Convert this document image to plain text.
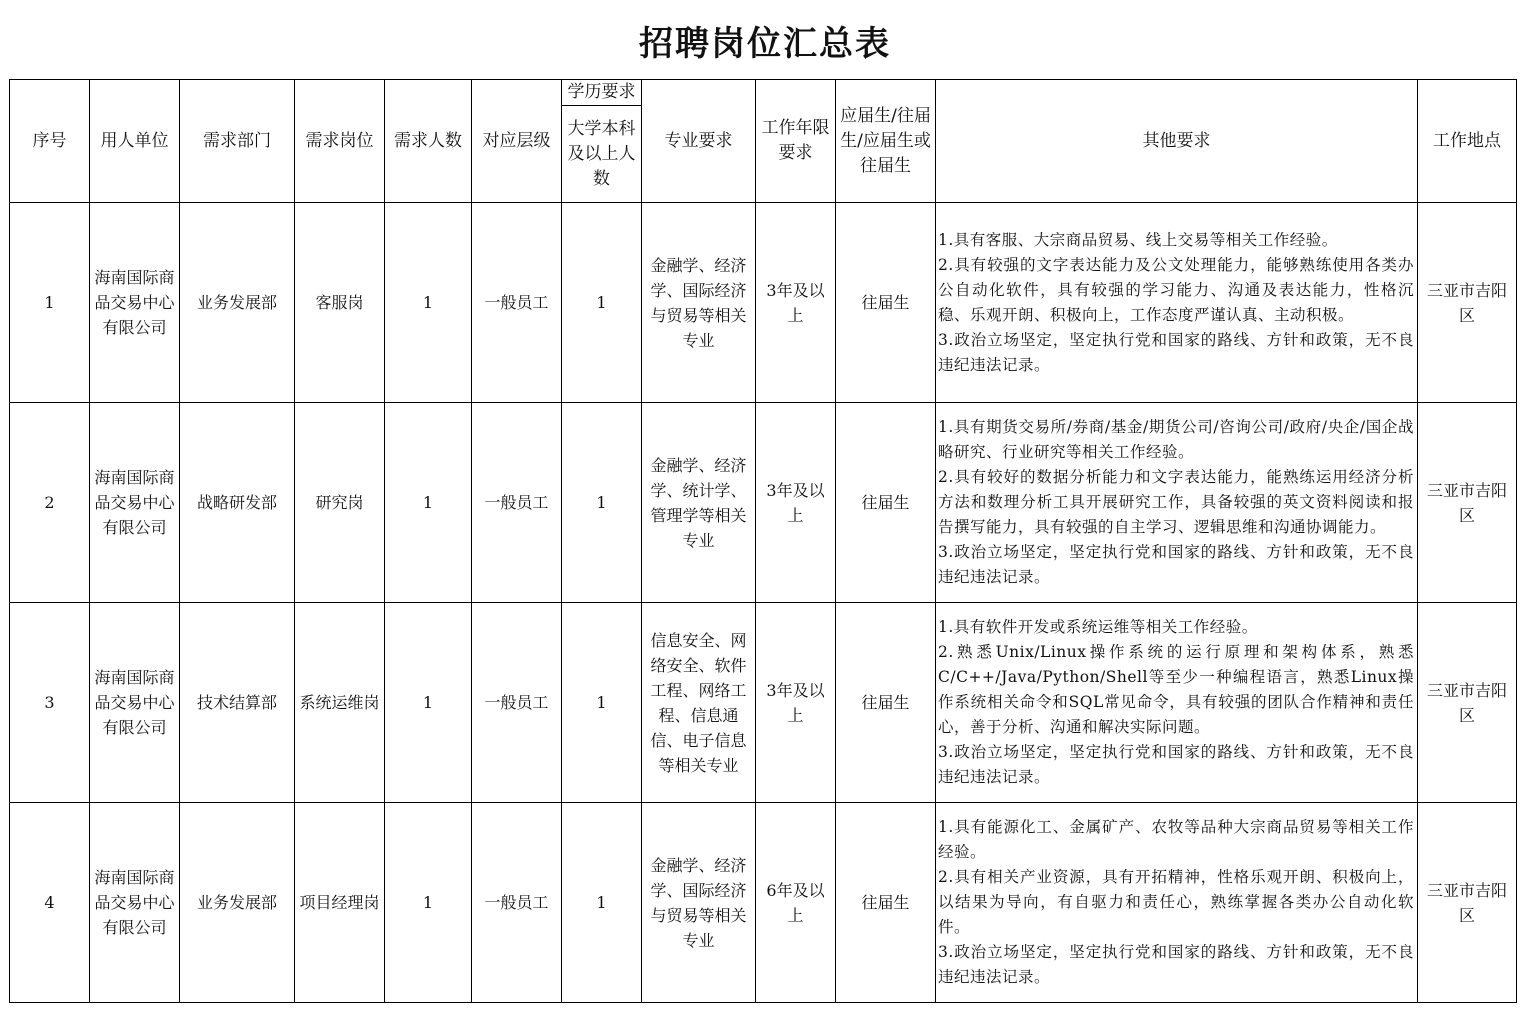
招聘岗位汇总表
序号	用人单位	需求部门	需求岗位	需求人数	对应层级	学历要求	专业要求	工作年限要求	应届生/往届生/应届生或往届生	其他要求	工作地点
						大学本科及以上人数					
1	海南国际商品交易中心有限公司	业务发展部	客服岗	1	一般员工	1	金融学、经济学、国际经济与贸易等相关专业	3年及以上	往届生	1.具有客服、大宗商品贸易、线上交易等相关工作经验。
2.具有较强的文字表达能力及公文处理能力，能够熟练使用各类办公自动化软件，具有较强的学习能力、沟通及表达能力，性格沉稳、乐观开朗、积极向上，工作态度严谨认真、主动积极。
3.政治立场坚定，坚定执行党和国家的路线、方针和政策，无不良违纪违法记录。	三亚市吉阳区
2	海南国际商品交易中心有限公司	战略研发部	研究岗	1	一般员工	1	金融学、经济学、统计学、管理学等相关专业	3年及以上	往届生	1.具有期货交易所/券商/基金/期货公司/咨询公司/政府/央企/国企战略研究、行业研究等相关工作经验。
2.具有较好的数据分析能力和文字表达能力，能熟练运用经济分析方法和数理分析工具开展研究工作，具备较强的英文资料阅读和报告撰写能力，具有较强的自主学习、逻辑思维和沟通协调能力。
3.政治立场坚定，坚定执行党和国家的路线、方针和政策，无不良违纪违法记录。	三亚市吉阳区
3	海南国际商品交易中心有限公司	技术结算部	系统运维岗	1	一般员工	1	信息安全、网络安全、软件工程、网络工程、信息通信、电子信息等相关专业	3年及以上	往届生	1.具有软件开发或系统运维等相关工作经验。
2.熟悉Unix/Linux操作系统的运行原理和架构体系，熟悉C/C++/Java/Python/Shell等至少一种编程语言，熟悉Linux操作系统相关命令和SQL常见命令，具有较强的团队合作精神和责任心，善于分析、沟通和解决实际问题。
3.政治立场坚定，坚定执行党和国家的路线、方针和政策，无不良违纪违法记录。	三亚市吉阳区
4	海南国际商品交易中心有限公司	业务发展部	项目经理岗	1	一般员工	1	金融学、经济学、国际经济与贸易等相关专业	6年及以上	往届生	1.具有能源化工、金属矿产、农牧等品种大宗商品贸易等相关工作经验。
2.具有相关产业资源，具有开拓精神，性格乐观开朗、积极向上，以结果为导向，有自驱力和责任心，熟练掌握各类办公自动化软件。
3.政治立场坚定，坚定执行党和国家的路线、方针和政策，无不良违纪违法记录。	三亚市吉阳区
